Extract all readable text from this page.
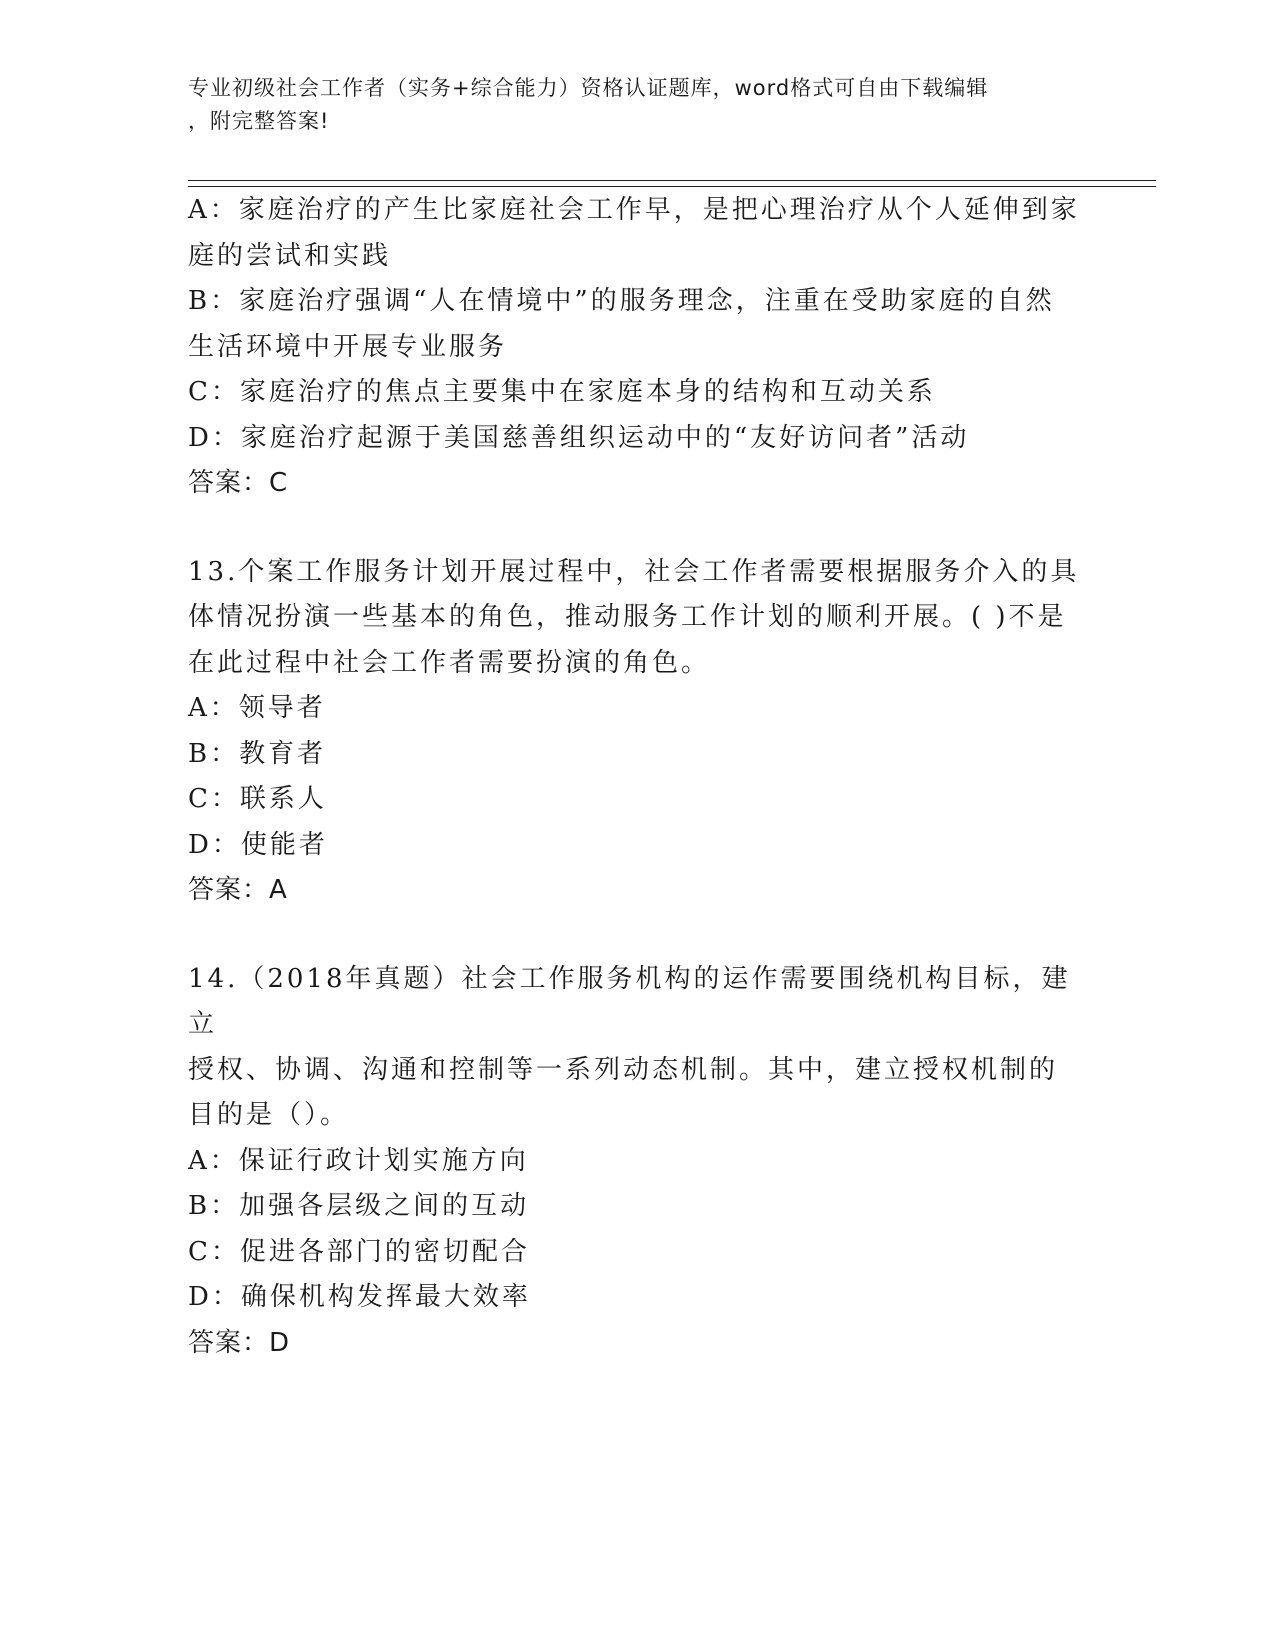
专业初级社会工作者（实务+综合能力）资格认证题库，word格式可自由下载编辑
，附完整答案!
A：家庭治疗的产生比家庭社会工作早，是把心理治疗从个人延伸到家
庭的尝试和实践
B：家庭治疗强调“人在情境中”的服务理念，注重在受助家庭的自然
生活环境中开展专业服务
C：家庭治疗的焦点主要集中在家庭本身的结构和互动关系
D：家庭治疗起源于美国慈善组织运动中的“友好访问者”活动
答案：C
13.个案工作服务计划开展过程中，社会工作者需要根据服务介入的具
体情况扮演一些基本的角色，推动服务工作计划的顺利开展。( )不是
在此过程中社会工作者需要扮演的角色。
A：领导者
B：教育者
C：联系人
D：使能者
答案：A
14.（2018年真题）社会工作服务机构的运作需要围绕机构目标，建立
授权、协调、沟通和控制等一系列动态机制。其中，建立授权机制的
目的是（）。
A：保证行政计划实施方向
B：加强各层级之间的互动
C：促进各部门的密切配合
D：确保机构发挥最大效率
答案：D
